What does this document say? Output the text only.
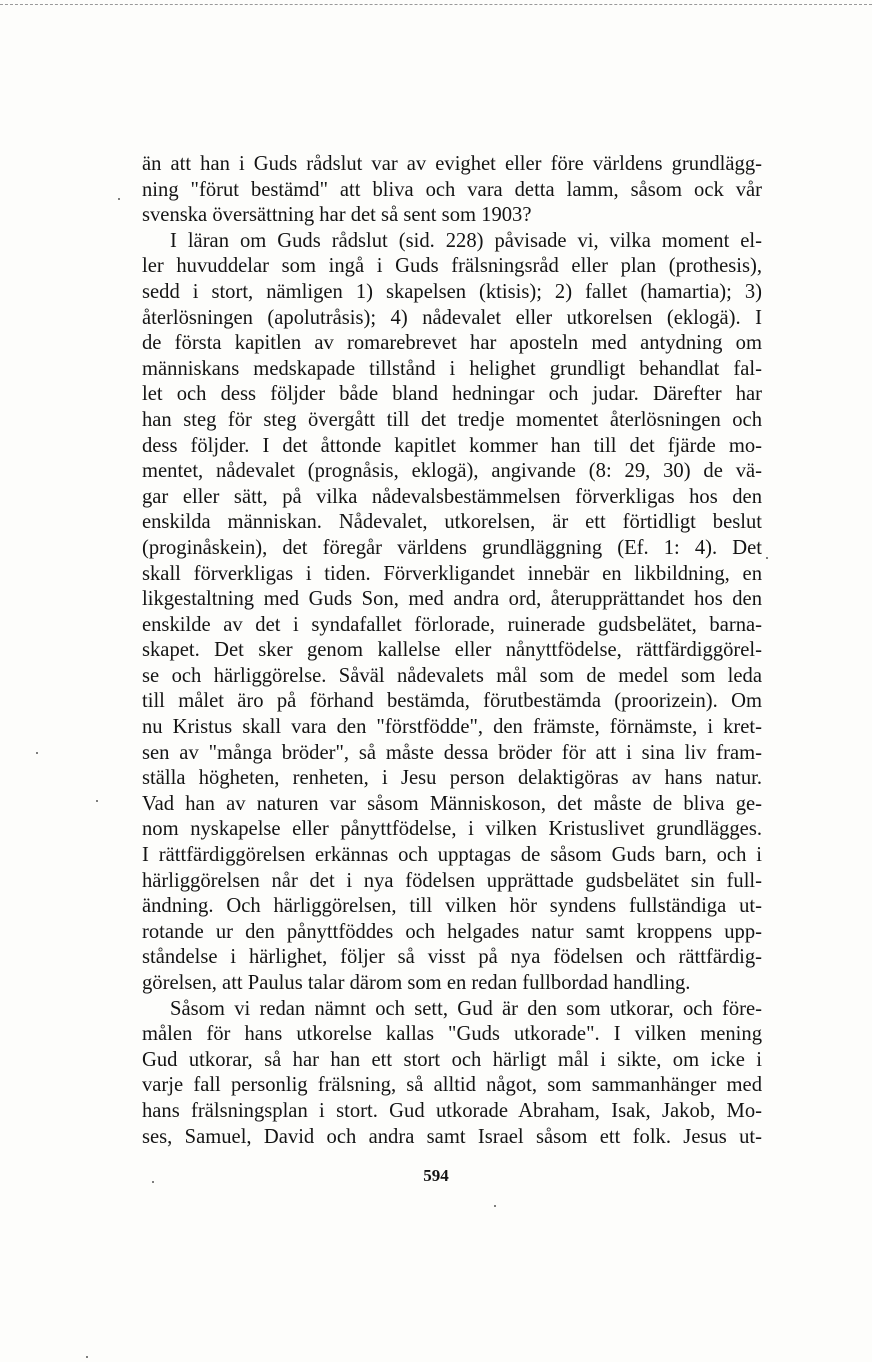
än att han i Guds rådslut var av evighet eller före världens grundlägg-
ning "förut bestämd" att bliva och vara detta lamm, såsom ock vår
svenska översättning har det så sent som 1903?
I läran om Guds rådslut (sid. 228) påvisade vi, vilka moment el-
ler huvuddelar som ingå i Guds frälsningsråd eller plan (prothesis),
sedd i stort, nämligen 1) skapelsen (ktisis); 2) fallet (hamartia); 3)
återlösningen (apolutråsis); 4) nådevalet eller utkorelsen (eklogä). I
de första kapitlen av romarebrevet har aposteln med antydning om
människans medskapade tillstånd i helighet grundligt behandlat fal-
let och dess följder både bland hedningar och judar. Därefter har
han steg för steg övergått till det tredje momentet återlösningen och
dess följder. I det åttonde kapitlet kommer han till det fjärde mo-
mentet, nådevalet (prognåsis, eklogä), angivande (8: 29, 30) de vä-
gar eller sätt, på vilka nådevalsbestämmelsen förverkligas hos den
enskilda människan. Nådevalet, utkorelsen, är ett förtidligt beslut
(proginåskein), det föregår världens grundläggning (Ef. 1: 4). Det
skall förverkligas i tiden. Förverkligandet innebär en likbildning, en
likgestaltning med Guds Son, med andra ord, återupprättandet hos den
enskilde av det i syndafallet förlorade, ruinerade gudsbelätet, barna-
skapet. Det sker genom kallelse eller nånyttfödelse, rättfärdiggörel-
se och härliggörelse. Såväl nådevalets mål som de medel som leda
till målet äro på förhand bestämda, förutbestämda (proorizein). Om
nu Kristus skall vara den "förstfödde", den främste, förnämste, i kret-
sen av "många bröder", så måste dessa bröder för att i sina liv fram-
ställa högheten, renheten, i Jesu person delaktigöras av hans natur.
Vad han av naturen var såsom Människoson, det måste de bliva ge-
nom nyskapelse eller pånyttfödelse, i vilken Kristuslivet grundlägges.
I rättfärdiggörelsen erkännas och upptagas de såsom Guds barn, och i
härliggörelsen når det i nya födelsen upprättade gudsbelätet sin full-
ändning. Och härliggörelsen, till vilken hör syndens fullständiga ut-
rotande ur den pånyttföddes och helgades natur samt kroppens upp-
ståndelse i härlighet, följer så visst på nya födelsen och rättfärdig-
görelsen, att Paulus talar därom som en redan fullbordad handling.
Såsom vi redan nämnt och sett, Gud är den som utkorar, och före-
målen för hans utkorelse kallas "Guds utkorade". I vilken mening
Gud utkorar, så har han ett stort och härligt mål i sikte, om icke i
varje fall personlig frälsning, så alltid något, som sammanhänger med
hans frälsningsplan i stort. Gud utkorade Abraham, Isak, Jakob, Mo-
ses, Samuel, David och andra samt Israel såsom ett folk. Jesus ut-
594
